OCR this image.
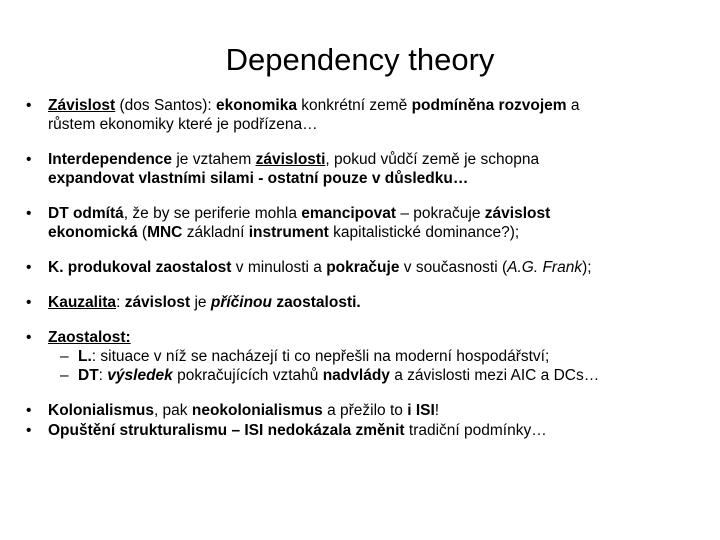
Dependency theory
• Závislost (dos Santos): ekonomika konkrétní země podmíněna rozvojem a
růstem ekonomiky které je podřízena…
• Interdependence je vztahem závislosti, pokud vůdčí země je schopna
expandovat vlastními silami - ostatní pouze v důsledku…
• DT odmítá, že by se periferie mohla emancipovat – pokračuje závislost
ekonomická (MNC základní instrument kapitalistické dominance?);
• K. produkoval zaostalost v minulosti a pokračuje v současnosti (A.G. Frank);
• Kauzalita: závislost je příčinou zaostalosti.
• Zaostalost:
– L.: situace v níž se nacházejí ti co nepřešli na moderní hospodářství;
– DT: výsledek pokračujících vztahů nadvlády a závislosti mezi AIC a DCs…
• Kolonialismus, pak neokolonialismus a přežilo to i ISI!
• Opuštění strukturalismu – ISI nedokázala změnit tradiční podmínky…
